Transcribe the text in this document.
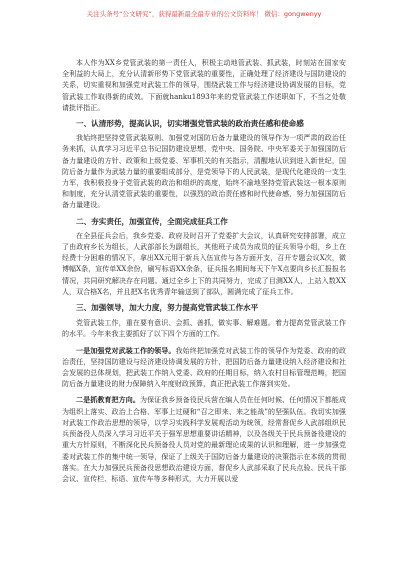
关注头条号“公文研究”，获得最新最全最专业的公文资料库！ 微信：gongwenyy

本人作为XX乡党管武装的第一责任人，积极主动地管武装、抓武装，时刻站在国家安全利益的大局上，充分认清新形势下党管武装的重要性，正确处理了经济建设与国防建设的关系，切实重视和加强党对武装工作的领导，围绕武装工作与经济建设协调发展的目标，党管武装工作取得新的成效。下面就hanku1893年来的党管武装工作述职如下，不当之处敬请批评指正。

一、认清形势，提高认识，切实增强党管武装的政治责任感和使命感

我始终把坚持党管武装原则、加强党对国防后备力量建设的领导作为一项严肃的政治任务来抓，认真学习习近平总书记国防建设思想，党中央、国务院、中央军委关于加强国防后备力量建设的方针、政策和上级党委、军事机关的有关指示，清醒地认识到进入新世纪，国防后备力量作为武装力量的重要组成部分，是党领导下的人民武装，是现代化建设的一支生力军，我积极投身于党管武装的政治和组织的高度，始终不渝地坚持党管武装这一根本原则和制度，充分认清党管武装的重要性，以强烈的政治责任感和时代使命感，努力加强国防后备力量建设。

二、夯实责任，加强宣传，全面完成征兵工作

在全县征兵会后，我乡党委、政府及时召开了党委扩大会议，认真研究安排部署，成立了由政府乡长为组长，人武部部长为副组长，其他班子成员为成员的征兵领导小组，乡上在经费十分困难的情况下，拿出XX元用于新兵入伍宣传与各方面开支，召开专题会议X次，微博幅X条，宣传单XX余份，刷写标语XX余条，征兵报名期间每天下午X点要向乡长汇报报名情况，共同研究解决存在问题。通过全乡上下的共同努力，完成了目测XX人，上站入数XX人，双合格X名，并且把X名优秀青年输送到了部队，圆满完成了征兵工作。

三、加强领导，加大力度，努力提高党管武装工作水平

党管武装工作，重在要有意识、会抓、善抓，做实事、解难题。着力提高党管武装工作的水平。今年来我主要抓好了以下四个方面的工作。

一是加强党对武装工作的领导。我始终把加强党对武装工作的领导作为党委、政府的政治责任，坚持国防建设与经济建设协调发展的方针，把国防后备力量建设纳入经济建设和社会发展的总体规划，把武装工作纳入党委、政府的任期目标，纳入农村目标管理范畴，把国防后备力量建设的财力保障纳入年度财政预算，真正把武装工作落到实处。

二是抓教育把方向。为保证我乡预备役民兵营在编人员在任何时候、任何情况下都能成为组织上落实、政治上合格、军事上过硬和“召之即来、来之能战”的坚强队伍。我切实加强对武装工作政治思想的领导，以学习实践科学发展观活动为统领，经常督促乡人武部组织民兵预备役人员深入学习习近平关于强军思想重要讲话精神，以及各级关于民兵预备役建设的重大方针原则，不断深化民兵预备役人员对党的最新理论成果的认识和理解，进一步加强党委对武装工作的集中统一领导，保证了上级关于国防后备力量建设的决策指示在本级的贯彻落实。在大力加强民兵预备役思想政治建设方面，督促乡人武部采取了民兵点验、民兵干部会议、宣传栏、标语、宣传车等多种形式，大力开展以爱
